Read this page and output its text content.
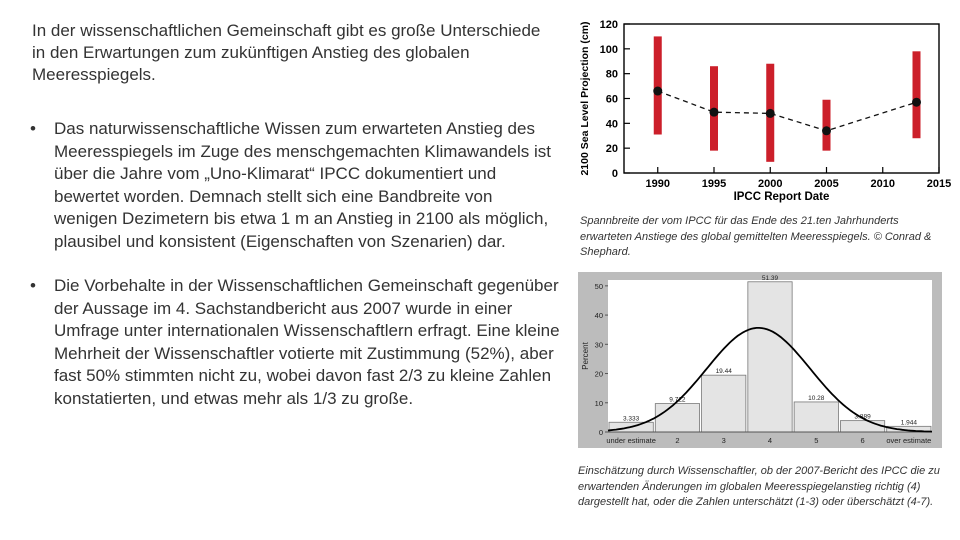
In der wissenschaftlichen Gemeinschaft gibt es große Unterschiede in den Erwartungen zum zukünftigen Anstieg des globalen Meeresspiegels.
• Das naturwissenschaftliche Wissen zum erwarteten Anstieg des Meeresspiegels im Zuge des menschgemachten Klimawandels ist über die Jahre vom „Uno-Klimarat“ IPCC dokumentiert und bewertet worden. Demnach stellt sich eine Bandbreite von wenigen Dezimetern bis etwa 1 m an Anstieg in 2100 als möglich, plausibel und konsistent (Eigenschaften von Szenarien) dar.
• Die Vorbehalte in der Wissenschaftlichen Gemeinschaft gegenüber der Aussage im 4. Sachstandbericht aus 2007 wurde in einer Umfrage unter internationalen Wissenschaftlern erfragt. Eine kleine Mehrheit der Wissenschaftler votierte mit Zustimmung (52%), aber fast 50% stimmten nicht zu, wobei davon fast 2/3 zu kleine Zahlen konstatierten, und etwas mehr als 1/3 zu große.
0
20
40
60
80
100
120
1990	1995	2000	2005	2010	2015
IPCC Report Date
2100 Sea Level Projection (cm)
Spannbreite der vom IPCC für das Ende des 21.ten Jahrhunderts erwarteten Anstiege des global gemittelten Meeresspiegels. © Conrad & Shephard.
0
10
20
30
40
50
Percent
3.333
under estimate
9.722
2
19.44
3
51.39
4
10.28
5
3.889
6
1.944
over estimate
Einschätzung durch Wissenschaftler, ob der 2007-Bericht des IPCC die zu erwartenden Änderungen im globalen Meeresspiegelanstieg richtig (4) dargestellt hat, oder die Zahlen unterschätzt (1-3) oder überschätzt (4-7).
